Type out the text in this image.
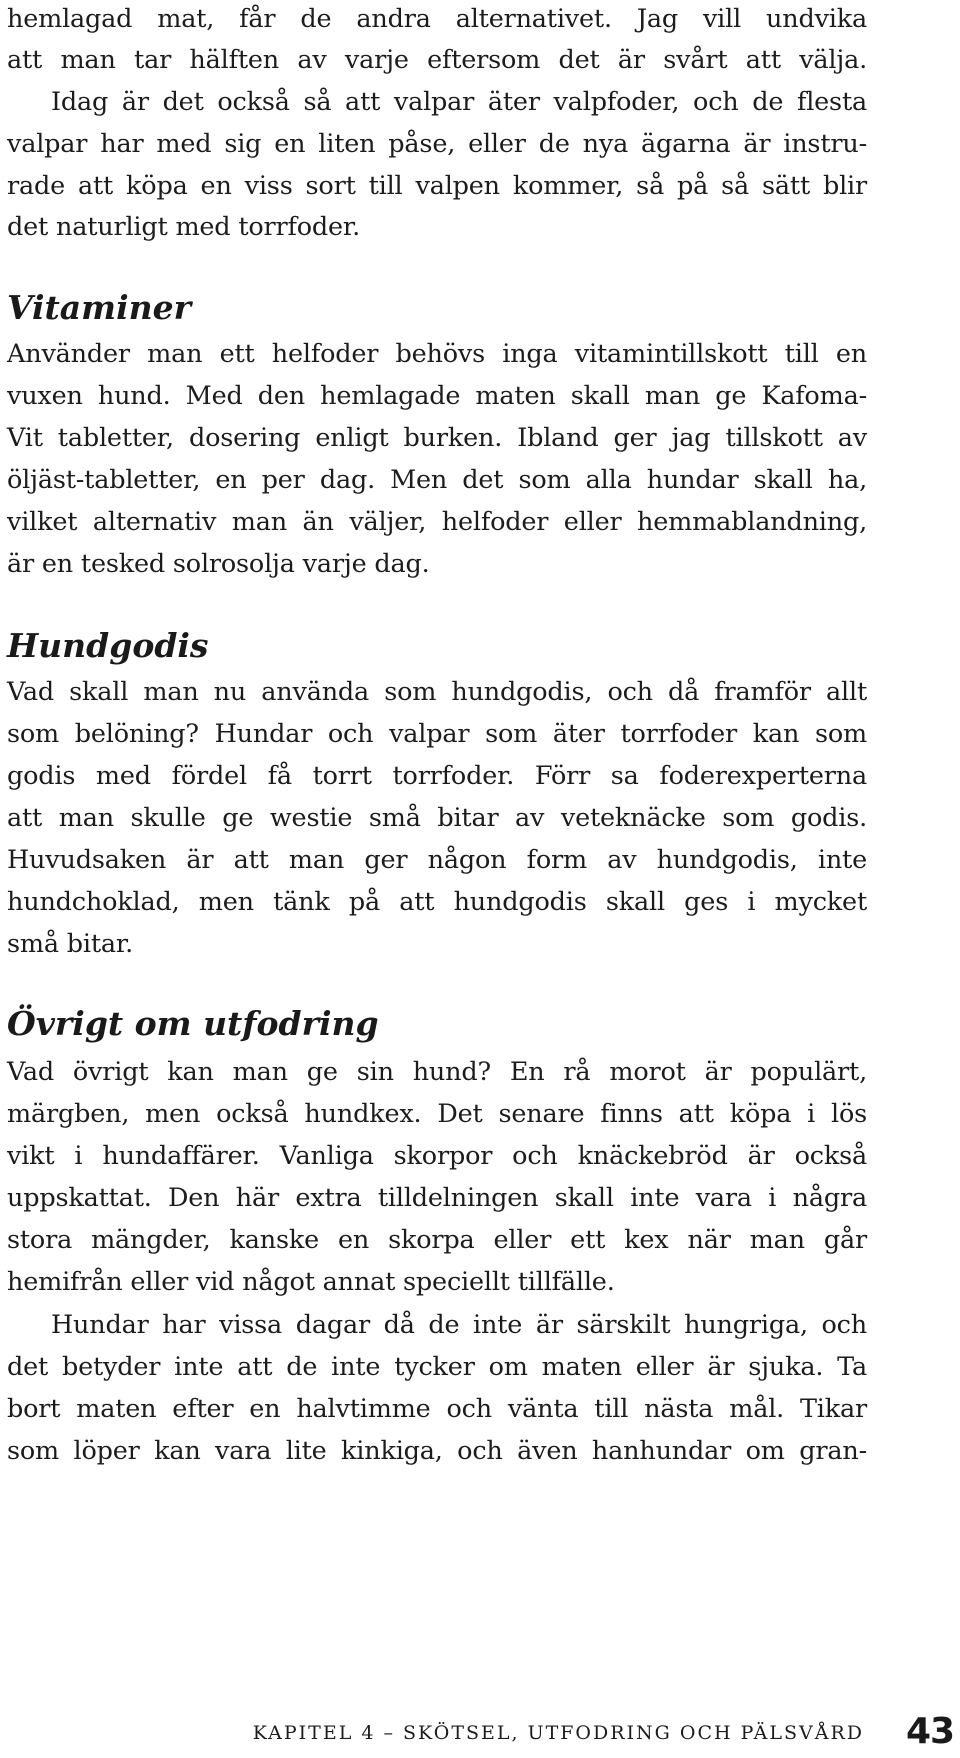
hemlagad mat, får de andra alternativet. Jag vill undvika

att man tar hälften av varje eftersom det är svårt att välja.

Idag är det också så att valpar äter valpfoder, och de flesta

valpar har med sig en liten påse, eller de nya ägarna är instru-

rade att köpa en viss sort till valpen kommer, så på så sätt blir

det naturligt med torrfoder.

Vitaminer

Använder man ett helfoder behövs inga vitamintillskott till en

vuxen hund. Med den hemlagade maten skall man ge Kafoma-

Vit tabletter, dosering enligt burken. Ibland ger jag tillskott av

öljäst-tabletter, en per dag. Men det som alla hundar skall ha,

vilket alternativ man än väljer, helfoder eller hemmablandning,

är en tesked solrosolja varje dag.

Hundgodis

Vad skall man nu använda som hundgodis, och då framför allt

som belöning? Hundar och valpar som äter torrfoder kan som

godis med fördel få torrt torrfoder. Förr sa foderexperterna

att man skulle ge westie små bitar av veteknäcke som godis.

Huvudsaken är att man ger någon form av hundgodis, inte

hundchoklad, men tänk på att hundgodis skall ges i mycket

små bitar.

Övrigt om utfodring

Vad övrigt kan man ge sin hund? En rå morot är populärt,

märgben, men också hundkex. Det senare finns att köpa i lös

vikt i hundaffärer. Vanliga skorpor och knäckebröd är också

uppskattat. Den här extra tilldelningen skall inte vara i några

stora mängder, kanske en skorpa eller ett kex när man går

hemifrån eller vid något annat speciellt tillfälle.

Hundar har vissa dagar då de inte är särskilt hungriga, och

det betyder inte att de inte tycker om maten eller är sjuka. Ta

bort maten efter en halvtimme och vänta till nästa mål. Tikar

som löper kan vara lite kinkiga, och även hanhundar om gran-

KAPITEL 4 – SKÖTSEL, UTFODRING OCH PÄLSVÅRD 43
